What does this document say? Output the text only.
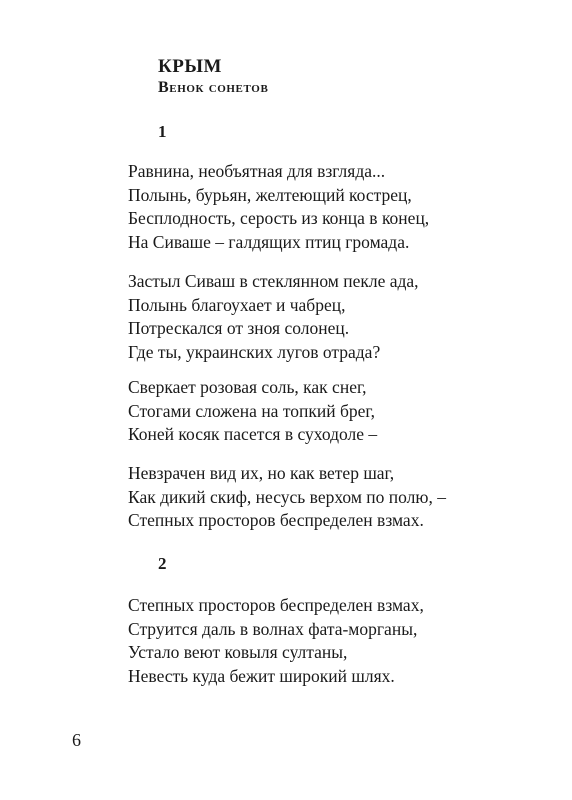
КРЫМ
Венок сонетов
1
Равнина, необъятная для взгляда...
Полынь, бурьян, желтеющий кострец,
Бесплодность, серость из конца в конец,
На Сиваше – галдящих птиц громада.
Застыл Сиваш в стеклянном пекле ада,
Полынь благоухает и чабрец,
Потрескался от зноя солонец.
Где ты, украинских лугов отрада?
Сверкает розовая соль, как снег,
Стогами сложена на топкий брег,
Коней косяк пасется в суходоле –
Невзрачен вид их, но как ветер шаг,
Как дикий скиф, несусь верхом по полю, –
Степных просторов беспределен взмах.
2
Степных просторов беспределен взмах,
Струится даль в волнах фата-морганы,
Устало веют ковыля султаны,
Невесть куда бежит широкий шлях.
6
